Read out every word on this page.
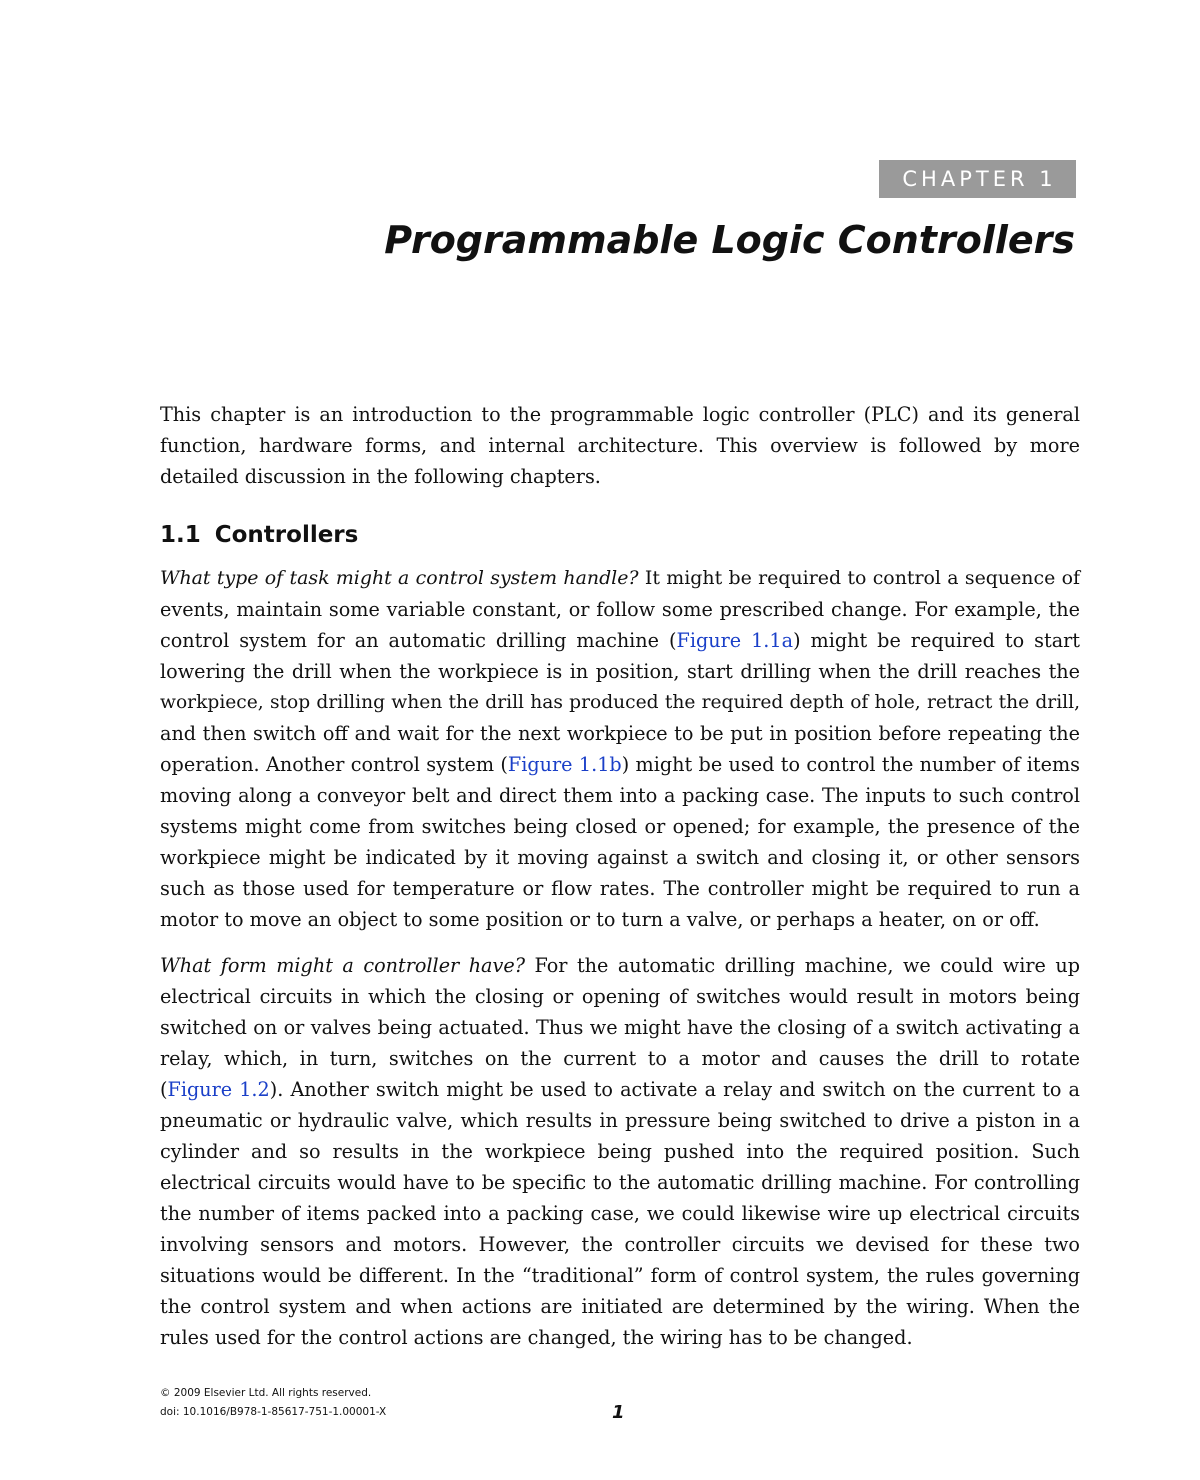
CHAPTER 1
Programmable Logic Controllers
This chapter is an introduction to the programmable logic controller (PLC) and its general
function, hardware forms, and internal architecture. This overview is followed by more
detailed discussion in the following chapters.
1.1 Controllers
What type of task might a control system handle? It might be required to control a sequence of
events, maintain some variable constant, or follow some prescribed change. For example, the
control system for an automatic drilling machine (Figure 1.1a) might be required to start
lowering the drill when the workpiece is in position, start drilling when the drill reaches the
workpiece, stop drilling when the drill has produced the required depth of hole, retract the drill,
and then switch off and wait for the next workpiece to be put in position before repeating the
operation. Another control system (Figure 1.1b) might be used to control the number of items
moving along a conveyor belt and direct them into a packing case. The inputs to such control
systems might come from switches being closed or opened; for example, the presence of the
workpiece might be indicated by it moving against a switch and closing it, or other sensors
such as those used for temperature or flow rates. The controller might be required to run a
motor to move an object to some position or to turn a valve, or perhaps a heater, on or off.
What form might a controller have? For the automatic drilling machine, we could wire up
electrical circuits in which the closing or opening of switches would result in motors being
switched on or valves being actuated. Thus we might have the closing of a switch activating a
relay, which, in turn, switches on the current to a motor and causes the drill to rotate
(Figure 1.2). Another switch might be used to activate a relay and switch on the current to a
pneumatic or hydraulic valve, which results in pressure being switched to drive a piston in a
cylinder and so results in the workpiece being pushed into the required position. Such
electrical circuits would have to be specific to the automatic drilling machine. For controlling
the number of items packed into a packing case, we could likewise wire up electrical circuits
involving sensors and motors. However, the controller circuits we devised for these two
situations would be different. In the “traditional” form of control system, the rules governing
the control system and when actions are initiated are determined by the wiring. When the
rules used for the control actions are changed, the wiring has to be changed.
© 2009 Elsevier Ltd. All rights reserved.
doi: 10.1016/B978-1-85617-751-1.00001-X	1
